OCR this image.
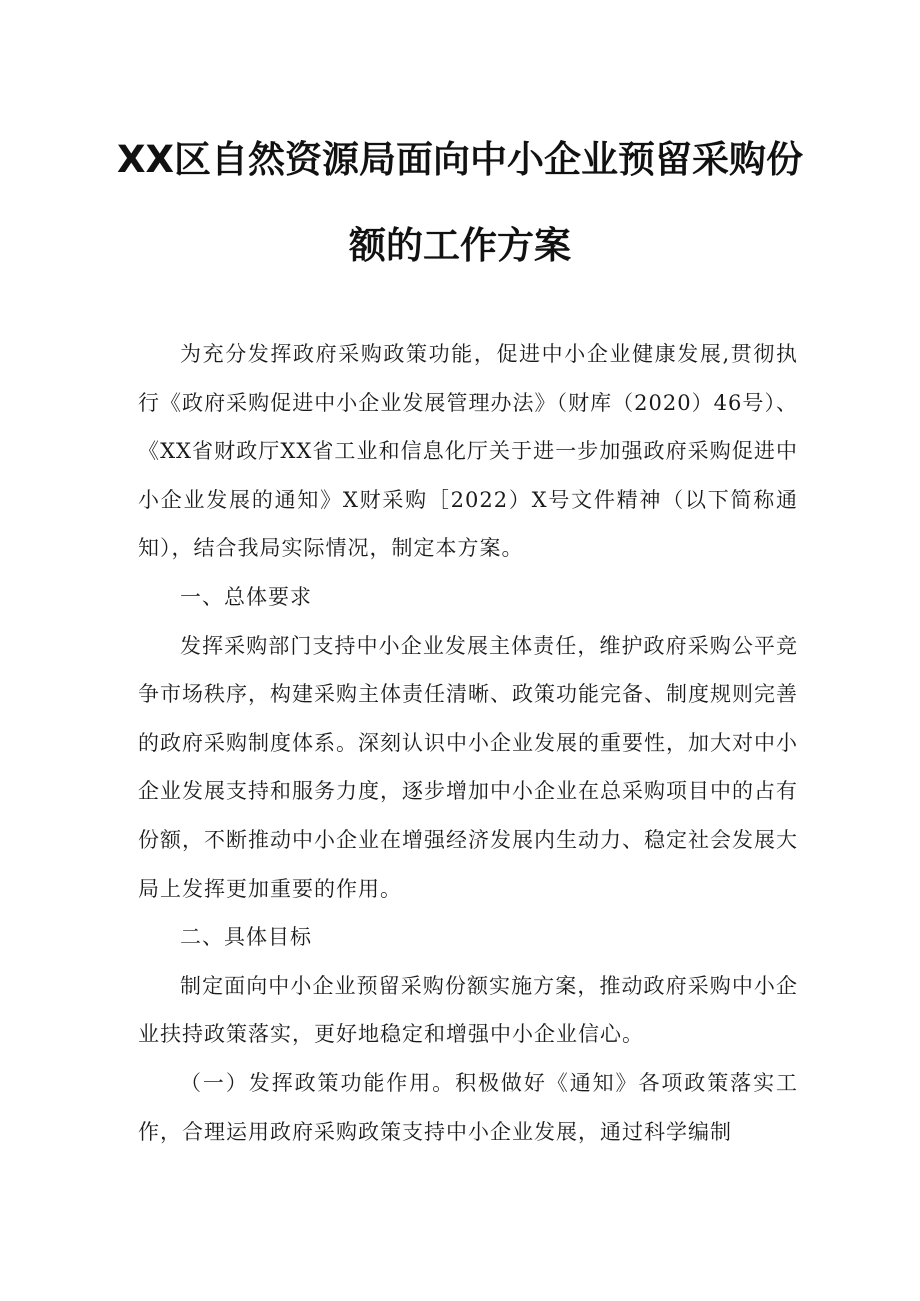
XX区自然资源局面向中小企业预留采购份
额的工作方案

为充分发挥政府采购政策功能，促进中小企业健康发展,贯彻执行《政府采购促进中小企业发展管理办法》（财库（2020）46号）、《XX省财政厅XX省工业和信息化厅关于进一步加强政府采购促进中小企业发展的通知》X财采购［2022）X号文件精神（以下简称通知），结合我局实际情况，制定本方案。

一、总体要求

发挥采购部门支持中小企业发展主体责任，维护政府采购公平竞争市场秩序，构建采购主体责任清晰、政策功能完备、制度规则完善的政府采购制度体系。深刻认识中小企业发展的重要性，加大对中小企业发展支持和服务力度，逐步增加中小企业在总采购项目中的占有份额，不断推动中小企业在增强经济发展内生动力、稳定社会发展大局上发挥更加重要的作用。

二、具体目标

制定面向中小企业预留采购份额实施方案，推动政府采购中小企业扶持政策落实，更好地稳定和增强中小企业信心。

（一）发挥政策功能作用。积极做好《通知》各项政策落实工作，合理运用政府采购政策支持中小企业发展，通过科学编制
